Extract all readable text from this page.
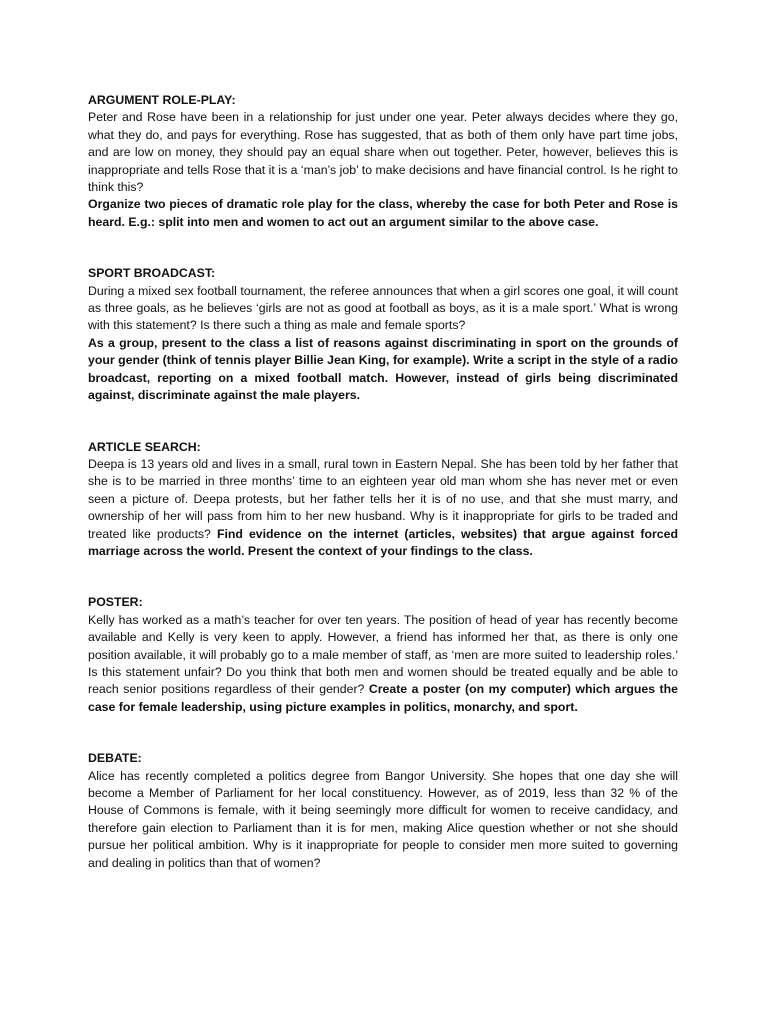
ARGUMENT ROLE-PLAY:

Peter and Rose have been in a relationship for just under one year. Peter always decides where they go, what they do, and pays for everything. Rose has suggested, that as both of them only have part time jobs, and are low on money, they should pay an equal share when out together. Peter, however, believes this is inappropriate and tells Rose that it is a ‘man’s job’ to make decisions and have financial control. Is he right to think this?

Organize two pieces of dramatic role play for the class, whereby the case for both Peter and Rose is heard. E.g.: split into men and women to act out an argument similar to the above case.

SPORT BROADCAST:

During a mixed sex football tournament, the referee announces that when a girl scores one goal, it will count as three goals, as he believes ‘girls are not as good at football as boys, as it is a male sport.’ What is wrong with this statement? Is there such a thing as male and female sports?

As a group, present to the class a list of reasons against discriminating in sport on the grounds of your gender (think of tennis player Billie Jean King, for example). Write a script in the style of a radio broadcast, reporting on a mixed football match. However, instead of girls being discriminated against, discriminate against the male players.

ARTICLE SEARCH:

Deepa is 13 years old and lives in a small, rural town in Eastern Nepal. She has been told by her father that she is to be married in three months’ time to an eighteen year old man whom she has never met or even seen a picture of. Deepa protests, but her father tells her it is of no use, and that she must marry, and ownership of her will pass from him to her new husband. Why is it inappropriate for girls to be traded and treated like products? Find evidence on the internet (articles, websites) that argue against forced marriage across the world. Present the context of your findings to the class.

POSTER:

Kelly has worked as a math’s teacher for over ten years. The position of head of year has recently become available and Kelly is very keen to apply. However, a friend has informed her that, as there is only one position available, it will probably go to a male member of staff, as ‘men are more suited to leadership roles.’ Is this statement unfair? Do you think that both men and women should be treated equally and be able to reach senior positions regardless of their gender? Create a poster (on my computer) which argues the case for female leadership, using picture examples in politics, monarchy, and sport.

DEBATE:

Alice has recently completed a politics degree from Bangor University. She hopes that one day she will become a Member of Parliament for her local constituency. However, as of 2019, less than 32 % of the House of Commons is female, with it being seemingly more difficult for women to receive candidacy, and therefore gain election to Parliament than it is for men, making Alice question whether or not she should pursue her political ambition. Why is it inappropriate for people to consider men more suited to governing and dealing in politics than that of women?
